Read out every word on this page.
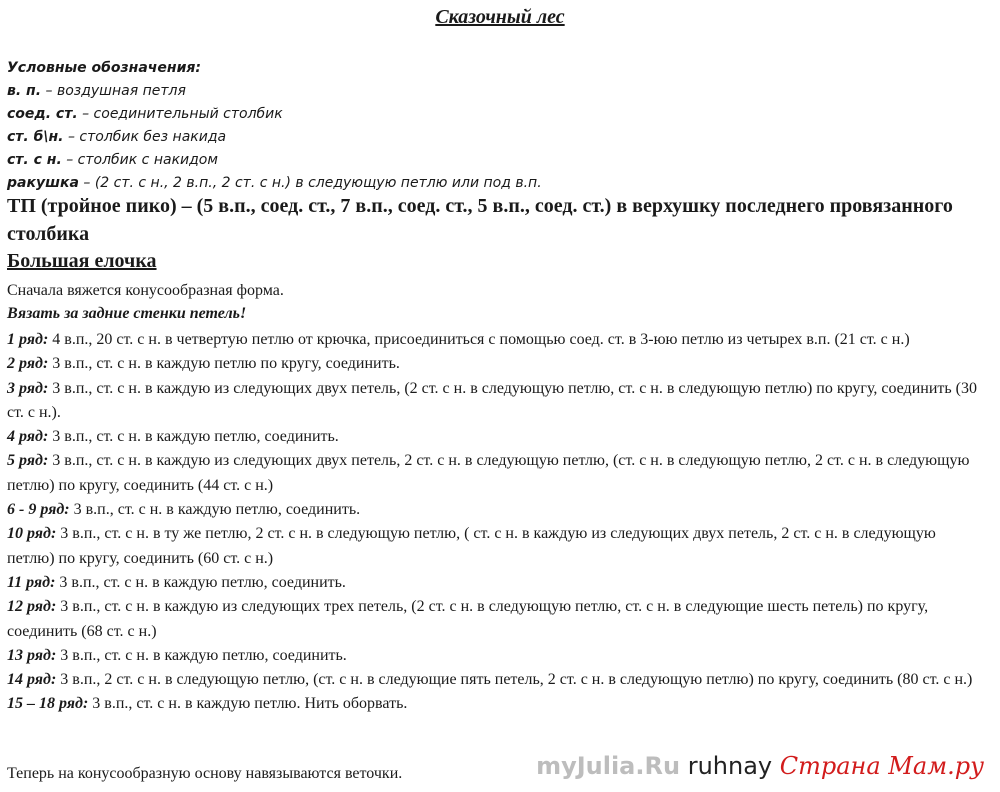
Сказочный лес
Условные обозначения:
в. п. – воздушная петля
соед. ст. – соединительный столбик
ст. б\н. – столбик без накида
ст. с н. – столбик с накидом
ракушка – (2 ст. с н., 2 в.п., 2 ст. с н.) в следующую петлю или под в.п.
ТП (тройное пико) – (5 в.п., соед. ст., 7 в.п., соед. ст., 5 в.п., соед. ст.) в верхушку последнего провязанного столбика
Большая елочка
Сначала вяжется конусообразная форма.
Вязать за задние стенки петель!
1 ряд: 4 в.п., 20 ст. с н. в четвертую петлю от крючка, присоединиться с помощью соед. ст. в 3-юю петлю из четырех в.п. (21 ст. с н.)
2 ряд: 3 в.п., ст. с н. в каждую петлю по кругу, соединить.
3 ряд: 3 в.п., ст. с н. в каждую из следующих двух петель, (2 ст. с н. в следующую петлю, ст. с н. в следующую петлю) по кругу, соединить (30 ст. с н.).
4 ряд: 3 в.п., ст. с н. в каждую петлю, соединить.
5 ряд: 3 в.п., ст. с н. в каждую из следующих двух петель, 2 ст. с н. в следующую петлю, (ст. с н. в следующую петлю, 2 ст. с н. в следующую петлю) по кругу, соединить (44 ст. с н.)
6 - 9 ряд: 3 в.п., ст. с н. в каждую петлю, соединить.
10 ряд: 3 в.п., ст. с н. в ту же петлю, 2 ст. с н. в следующую петлю, ( ст. с н. в каждую из следующих двух петель, 2 ст. с н. в следующую петлю) по кругу, соединить (60 ст. с н.)
11 ряд: 3 в.п., ст. с н. в каждую петлю, соединить.
12 ряд: 3 в.п., ст. с н. в каждую из следующих трех петель, (2 ст. с н. в следующую петлю, ст. с н. в следующие шесть петель) по кругу, соединить (68 ст. с н.)
13 ряд: 3 в.п., ст. с н. в каждую петлю, соединить.
14 ряд: 3 в.п., 2 ст. с н. в следующую петлю, (ст. с н. в следующие пять петель, 2 ст. с н. в следующую петлю) по кругу, соединить (80 ст. с н.)
15 – 18 ряд: 3 в.п., ст. с н. в каждую петлю. Нить оборвать.
Теперь на конусообразную основу навязываются веточки.	myJulia.Ru ruhnay Страна Мам.ру
